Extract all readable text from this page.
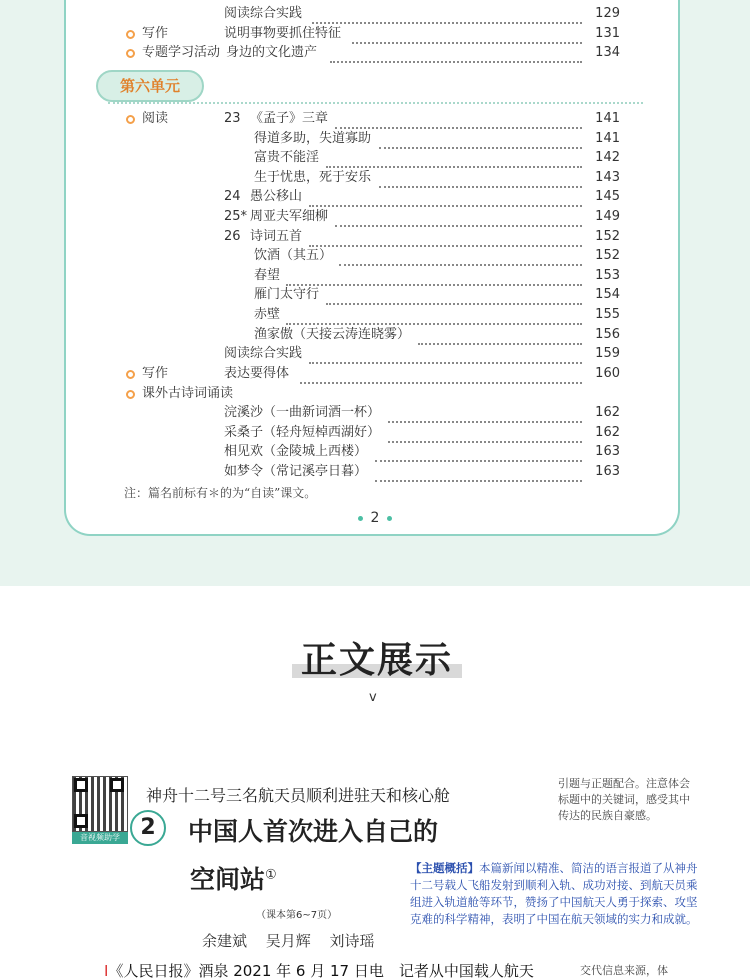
阅读综合实践	129
写作	说明事物要抓住特征	131
专题学习活动 身边的文化遗产	134
第六单元
阅读	23 《孟子》三章	141
得道多助，失道寡助	141
富贵不能淫	142
生于忧患，死于安乐	143
24 愚公移山	145
25* 周亚夫军细柳	149
26 诗词五首	152
饮酒（其五）	152
春望	153
雁门太守行	154
赤壁	155
渔家傲（天接云涛连晓雾）	156
阅读综合实践	159
写作	表达要得体	160
课外古诗词诵读
浣溪沙（一曲新词酒一杯）	162
采桑子（轻舟短棹西湖好）	162
相见欢（金陵城上西楼）	163
如梦令（常记溪亭日暮）	163
注：篇名前标有＊的为“自读”课文。
2
正文展示
v
音视频助学
神舟十二号三名航天员顺利进驻天和核心舱
2	中国人首次进入自己的
空间站①
（课本第6~7页）
余建斌 吴月辉 刘诗瑶
I《人民日报》酒泉 2021 年 6 月 17 日电　记者从中国载人航天
引题与正题配合。注意体会标题中的关键词，感受其中传达的民族自豪感。
【主题概括】本篇新闻以精准、简洁的语言报道了从神舟十二号载人飞船发射到顺利入轨、成功对接、到航天员乘组进入轨道舱等环节，赞扬了中国航天人勇于探索、攻坚克难的科学精神，表明了中国在航天领域的实力和成就。
交代信息来源，体
